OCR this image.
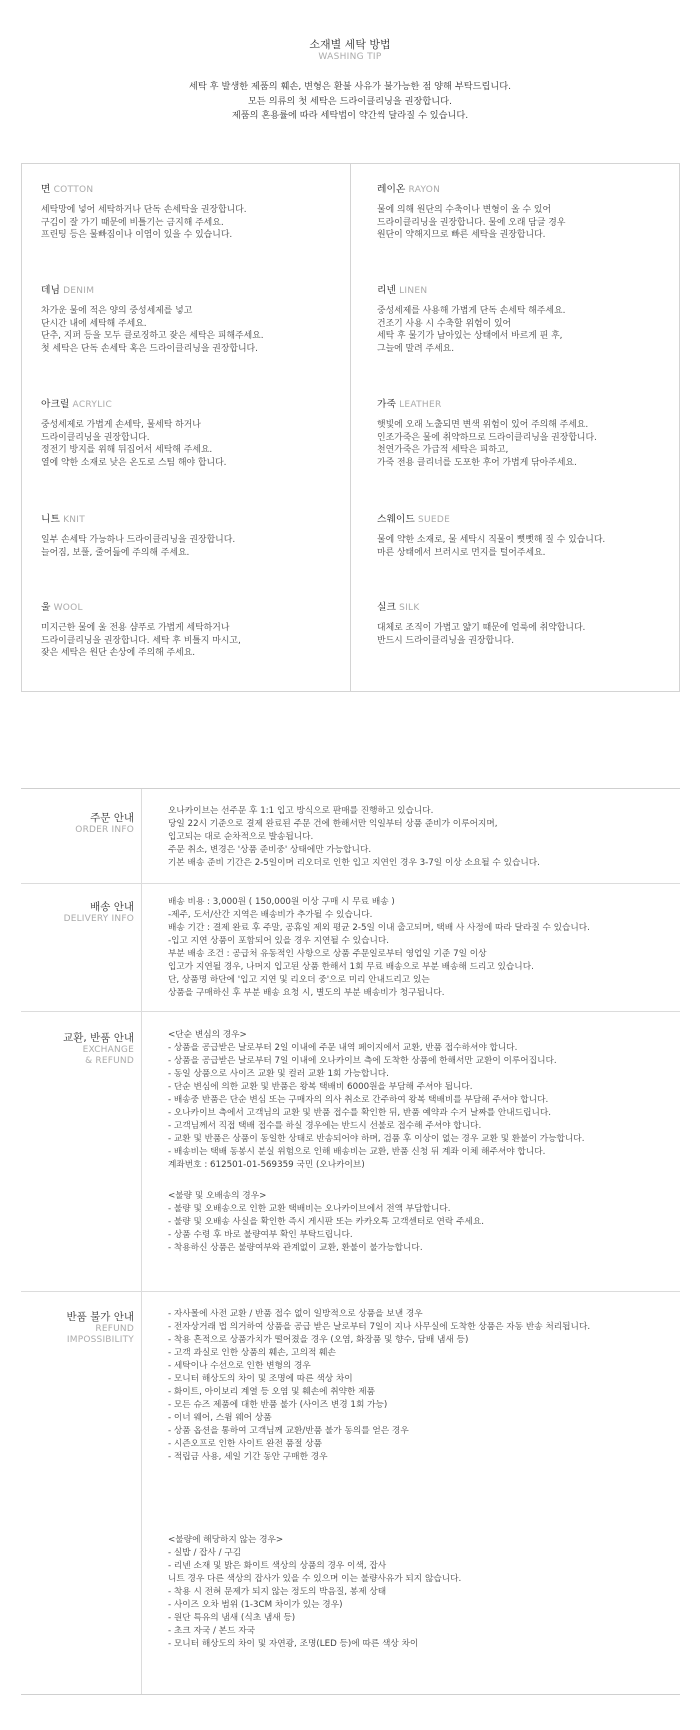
소재별 세탁 방법
WASHING TIP
세탁 후 발생한 제품의 훼손, 변형은 환불 사유가 불가능한 점 양해 부탁드립니다.
모든 의류의 첫 세탁은 드라이클리닝을 권장합니다.
제품의 혼용률에 따라 세탁법이 약간씩 달라질 수 있습니다.
면 COTTON

세탁망에 넣어 세탁하거나 단독 손세탁을 권장합니다.
구김이 잘 가기 때문에 비틀기는 금지해 주세요.
프린팅 등은 물빠짐이나 이염이 있을 수 있습니다.

데님 DENIM

차가운 물에 적은 양의 중성세제를 넣고
단시간 내에 세탁해 주세요.
단추, 지퍼 등을 모두 클로징하고 잦은 세탁은 피해주세요.
첫 세탁은 단독 손세탁 혹은 드라이클리닝을 권장합니다.

아크릴 ACRYLIC

중성세제로 가볍게 손세탁, 물세탁 하거나
드라이클리닝을 권장합니다.
정전기 방지를 위해 뒤집어서 세탁해 주세요.
열에 약한 소재로 낮은 온도로 스팀 해야 합니다.

니트 KNIT

일부 손세탁 가능하나 드라이클리닝을 권장합니다.
늘어짐, 보풀, 줄어듦에 주의해 주세요.

울 WOOL

미지근한 물에 울 전용 샴푸로 가볍게 세탁하거나
드라이클리닝을 권장합니다. 세탁 후 비틀지 마시고,
잦은 세탁은 원단 손상에 주의해 주세요.

레이온 RAYON

물에 의해 원단의 수축이나 변형이 올 수 있어
드라이클리닝을 권장합니다. 물에 오래 담글 경우
원단이 약해지므로 빠른 세탁을 권장합니다.

리넨 LINEN

중성세제를 사용해 가볍게 단독 손세탁 해주세요.
건조기 사용 시 수축할 위험이 있어
세탁 후 물기가 남아있는 상태에서 바르게 핀 후,
그늘에 말려 주세요.

가죽 LEATHER

햇빛에 오래 노출되면 변색 위험이 있어 주의해 주세요.
인조가죽은 물에 취약하므로 드라이클리닝을 권장합니다.
천연가죽은 가급적 세탁은 피하고,
가죽 전용 클리너를 도포한 후어 가볍게 닦아주세요.

스웨이드 SUEDE

물에 약한 소재로, 물 세탁시 직물이 뻣뻣해 질 수 있습니다.
마른 상태에서 브러시로 먼지를 털어주세요.

실크 SILK

대체로 조직이 가볍고 얇기 때문에 얼룩에 취약합니다.
반드시 드라이클리닝을 권장합니다.

주문 안내
ORDER INFO
오나카이브는 선주문 후 1:1 입고 방식으로 판매를 진행하고 있습니다.
당일 22시 기준으로 결제 완료된 주문 건에 한해서만 익일부터 상품 준비가 이루어지며,
입고되는 대로 순차적으로 발송됩니다.
주문 취소, 변경은 '상품 준비중' 상태에만 가능합니다.
기본 배송 준비 기간은 2-5일이며 리오더로 인한 입고 지연인 경우 3-7일 이상 소요될 수 있습니다.
배송 안내
DELIVERY INFO
배송 비용 : 3,000원 ( 150,000원 이상 구매 시 무료 배송 )
-제주, 도서/산간 지역은 배송비가 추가될 수 있습니다.
배송 기간 : 결제 완료 후 주말, 공휴일 제외 평균 2-5일 이내 출고되며, 택배 사 사정에 따라 달라질 수 있습니다.
-입고 지연 상품이 포함되어 있을 경우 지연될 수 있습니다.
부분 배송 조건 : 공급처 유동적인 사항으로 상품 주문일로부터 영업일 기준 7일 이상
입고가 지연될 경우, 나머지 입고된 상품 한해서 1회 무료 배송으로 부분 배송해 드리고 있습니다.
단, 상품명 하단에 '입고 지연 및 리오더 중'으로 미리 안내드리고 있는
상품을 구매하신 후 부분 배송 요청 시, 별도의 부분 배송비가 청구됩니다.
교환, 반품 안내
EXCHANGE
& REFUND
<단순 변심의 경우>
- 상품을 공급받은 날로부터 2일 이내에 주문 내역 페이지에서 교환, 반품 접수하셔야 합니다.
- 상품을 공급받은 날로부터 7일 이내에 오나카이브 측에 도착한 상품에 한해서만 교환이 이루어집니다.
- 동일 상품으로 사이즈 교환 및 컬러 교환 1회 가능합니다.
- 단순 변심에 의한 교환 및 반품은 왕복 택배비 6000원을 부담해 주셔야 됩니다.
- 배송중 반품은 단순 변심 또는 구매자의 의사 취소로 간주하여 왕복 택배비를 부담해 주셔야 합니다.
- 오나카이브 측에서 고객님의 교환 및 반품 접수를 확인한 뒤, 반품 예약과 수거 날짜를 안내드립니다.
- 고객님께서 직접 택배 접수를 하실 경우에는 반드시 선불로 접수해 주셔야 합니다.
- 교환 및 반품은 상품이 동일한 상태로 반송되어야 하며, 검품 후 이상이 없는 경우 교환 및 환불이 가능합니다.
- 배송비는 택배 동봉시 분실 위험으로 인해 배송비는 교환, 반품 신청 뒤 계좌 이체 해주셔야 합니다.
계좌번호 : 612501-01-569359 국민 (오나카이브)
<불량 및 오배송의 경우>
- 불량 및 오배송으로 인한 교환 택배비는 오나카이브에서 전액 부담합니다.
- 불량 및 오배송 사실을 확인한 즉시 게시판 또는 카카오톡 고객센터로 연락 주세요.
- 상품 수령 후 바로 불량여부 확인 부탁드립니다.
- 착용하신 상품은 불량여부와 관계없이 교환, 환불이 불가능합니다.
반품 불가 안내
REFUND
IMPOSSIBILITY
- 자사몰에 사전 교환 / 반품 접수 없이 일방적으로 상품을 보낸 경우
- 전자상거래 법 의거하여 상품을 공급 받은 날로부터 7일이 지나 사무실에 도착한 상품은 자동 반송 처리됩니다.
- 착용 흔적으로 상품가치가 떨어졌을 경우 (오염, 화장품 및 향수, 담배 냄새 등)
- 고객 과실로 인한 상품의 훼손, 고의적 훼손
- 세탁이나 수선으로 인한 변형의 경우
- 모니터 해상도의 차이 및 조명에 따른 색상 차이
- 화이트, 아이보리 계열 등 오염 및 훼손에 취약한 제품
- 모든 슈즈 제품에 대한 반품 불가 (사이즈 변경 1회 가능)
- 이너 웨어, 스윔 웨어 상품
- 상품 옵션을 통하여 고객님께 교환/반품 불가 동의를 얻은 경우
- 시즌오프로 인한 사이트 완전 품절 상품
- 적립금 사용, 세일 기간 동안 구매한 경우
<불량에 해당하지 않는 경우>
- 실밥 / 잡사 / 구김
- 리넨 소재 및 밝은 화이트 색상의 상품의 경우 이색, 잡사
니트 경우 다른 색상의 잡사가 있을 수 있으며 이는 불량사유가 되지 않습니다.
- 착용 시 전혀 문제가 되지 않는 정도의 박음질, 봉제 상태
- 사이즈 오차 범위 (1-3CM 차이가 있는 경우)
- 원단 특유의 냄새 (식초 냄새 등)
- 초크 자국 / 본드 자국
- 모니터 해상도의 차이 및 자연광, 조명(LED 등)에 따른 색상 차이
